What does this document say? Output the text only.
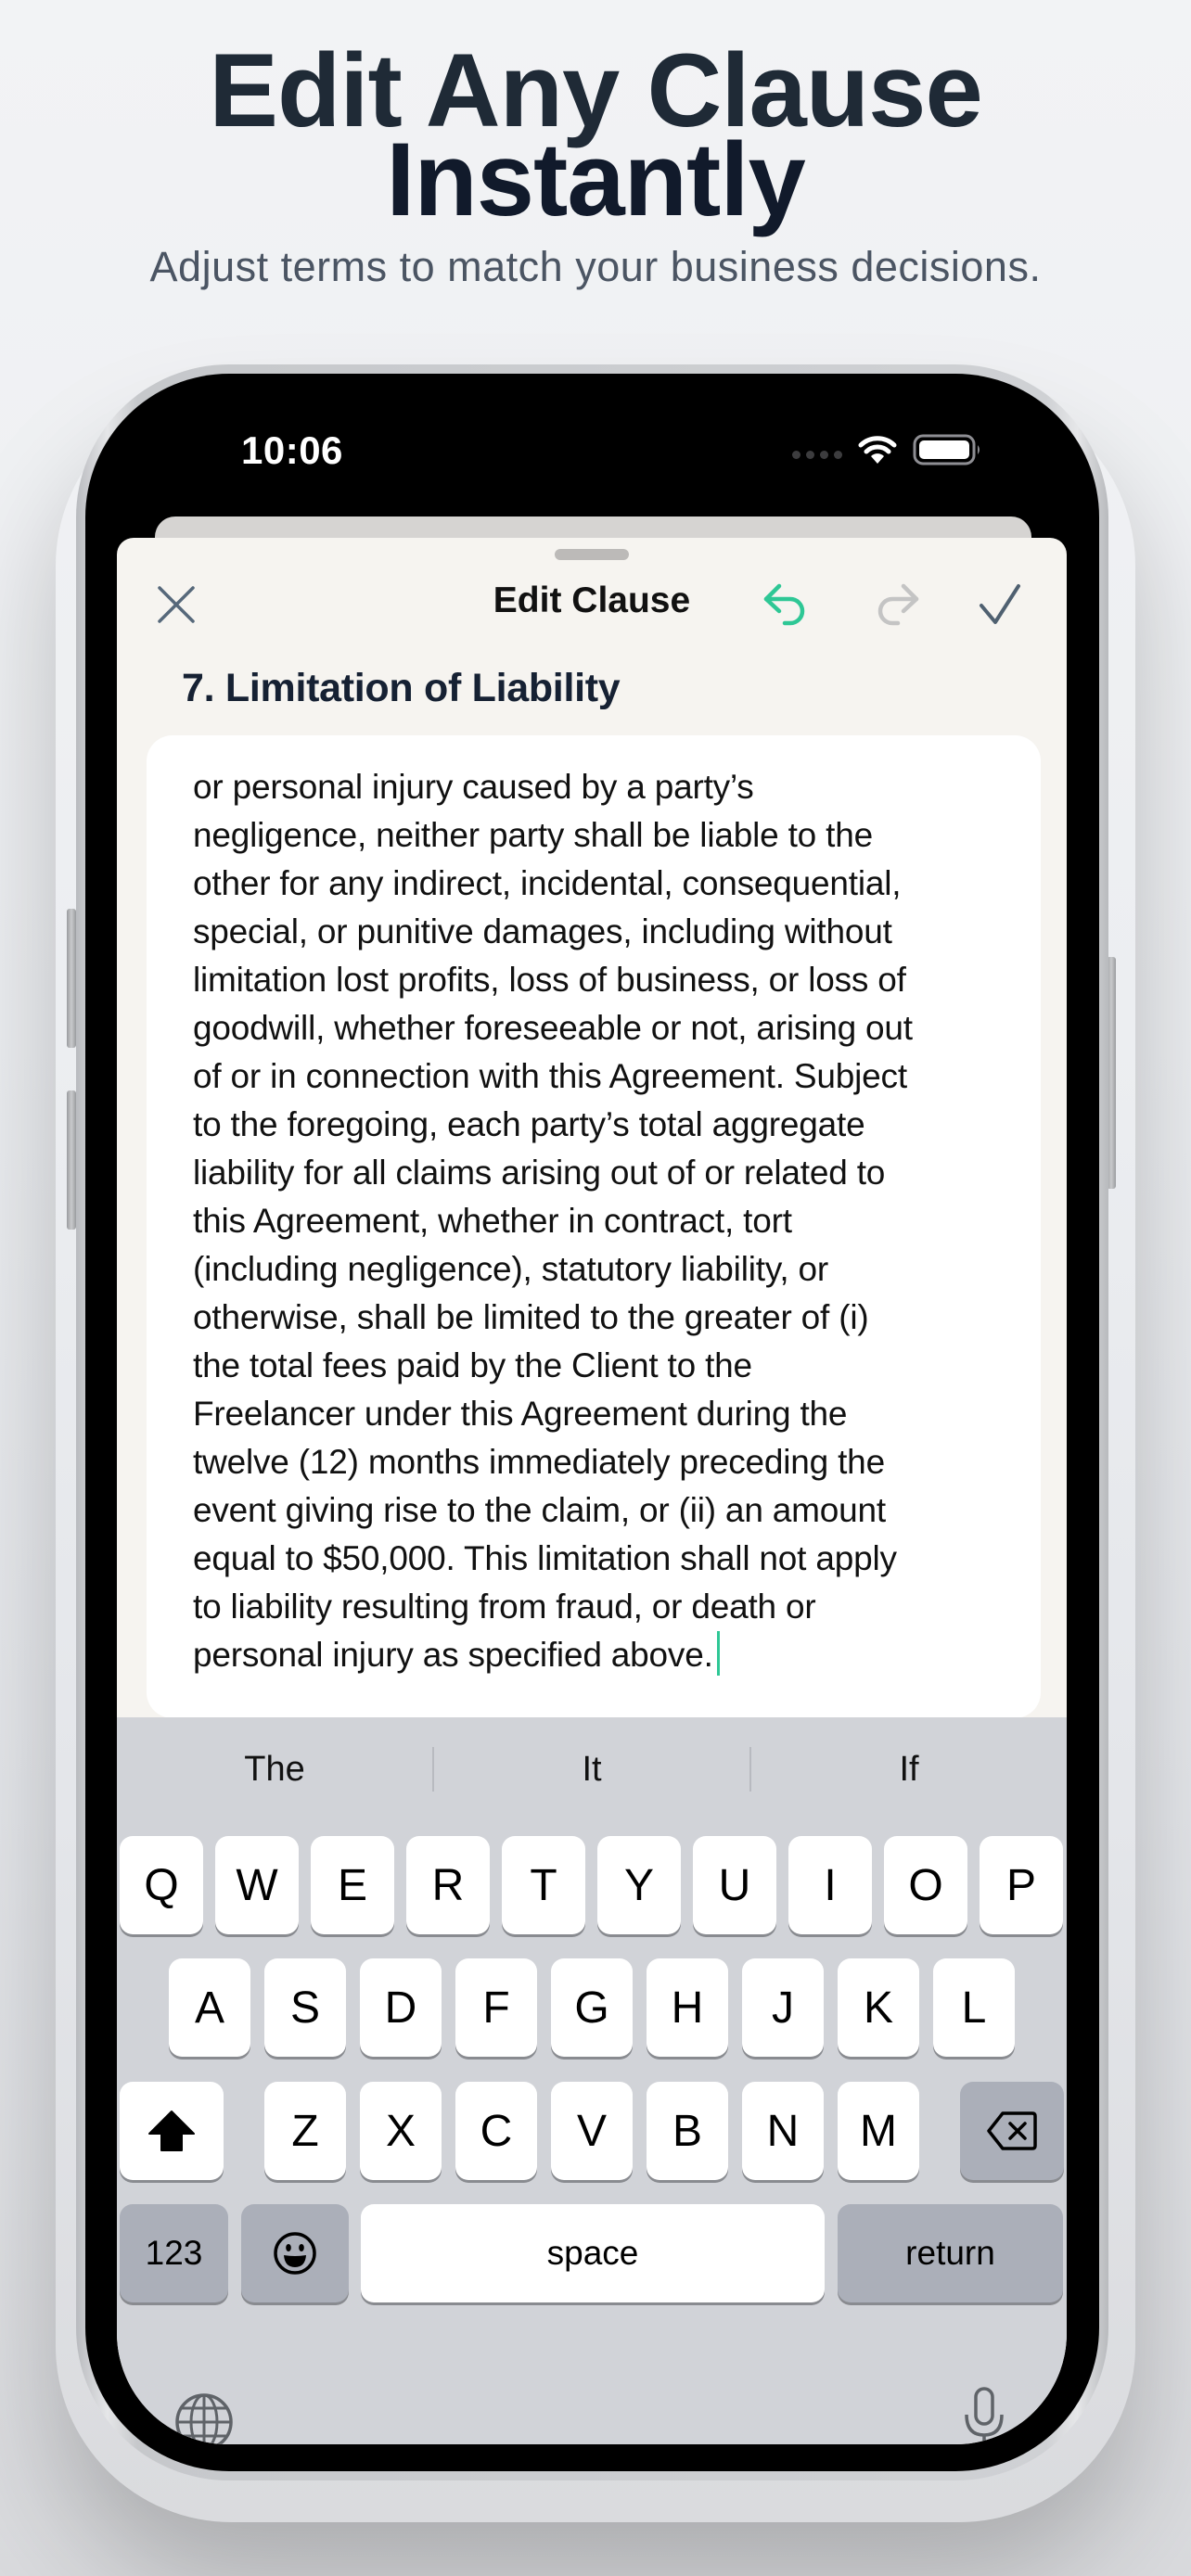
Edit Any Clause
Instantly
Adjust terms to match your business decisions.
10:06
Edit Clause
7. Limitation of Liability
or personal injury caused by a party’s
negligence, neither party shall be liable to the
other for any indirect, incidental, consequential,
special, or punitive damages, including without
limitation lost profits, loss of business, or loss of
goodwill, whether foreseeable or not, arising out
of or in connection with this Agreement. Subject
to the foregoing, each party’s total aggregate
liability for all claims arising out of or related to
this Agreement, whether in contract, tort
(including negligence), statutory liability, or
otherwise, shall be limited to the greater of (i)
the total fees paid by the Client to the
Freelancer under this Agreement during the
twelve (12) months immediately preceding the
event giving rise to the claim, or (ii) an amount
equal to $50,000. This limitation shall not apply
to liability resulting from fraud, or death or
personal injury as specified above.
The	It	If
Q	W	E	R	T	Y	U	I	O	P
A	S	D	F	G	H	J	K	L
Z	X	C	V	B	N	M
123	space	return
